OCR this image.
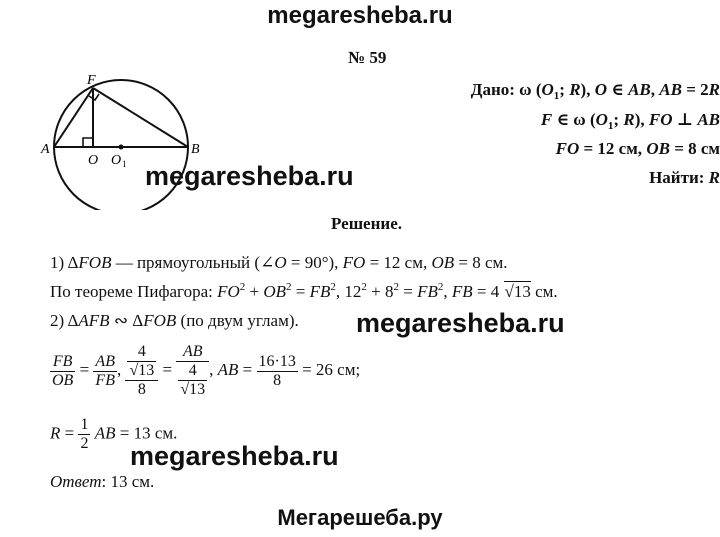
megaresheba.ru
Мегарешеба.ру
№ 59
Дано: ω ($O_1$; R), O ∈ AB, AB = 2R
F ∈ ω ($O_1$; R), FO ⊥ AB
FO = 12 см, OB = 8 см
Найти: R
F
A
O O 1
B
megaresheba.ru
megaresheba.ru
megaresheba.ru
Решение.
1) ΔFOB — прямоугольный (∠O = 90°), FO = 12 см, OB = 8 см.
По теореме Пифагора: $FO^2 + OB^2 = FB^2$, $12^2 + 8^2 = FB^2$, FB = 4 √13 см.
2) ΔAFB ∾ ΔFOB (по двум углам).
$\frac{FB}{OB} = \frac{AB}{FB}$ , 4
√13
8 = AB
4
√13 , AB = $\frac{16\cdot 13}{8} = 26$ см;
$R = \frac{1}{2}$ AB = 13 см.
Ответ: 13 см.
